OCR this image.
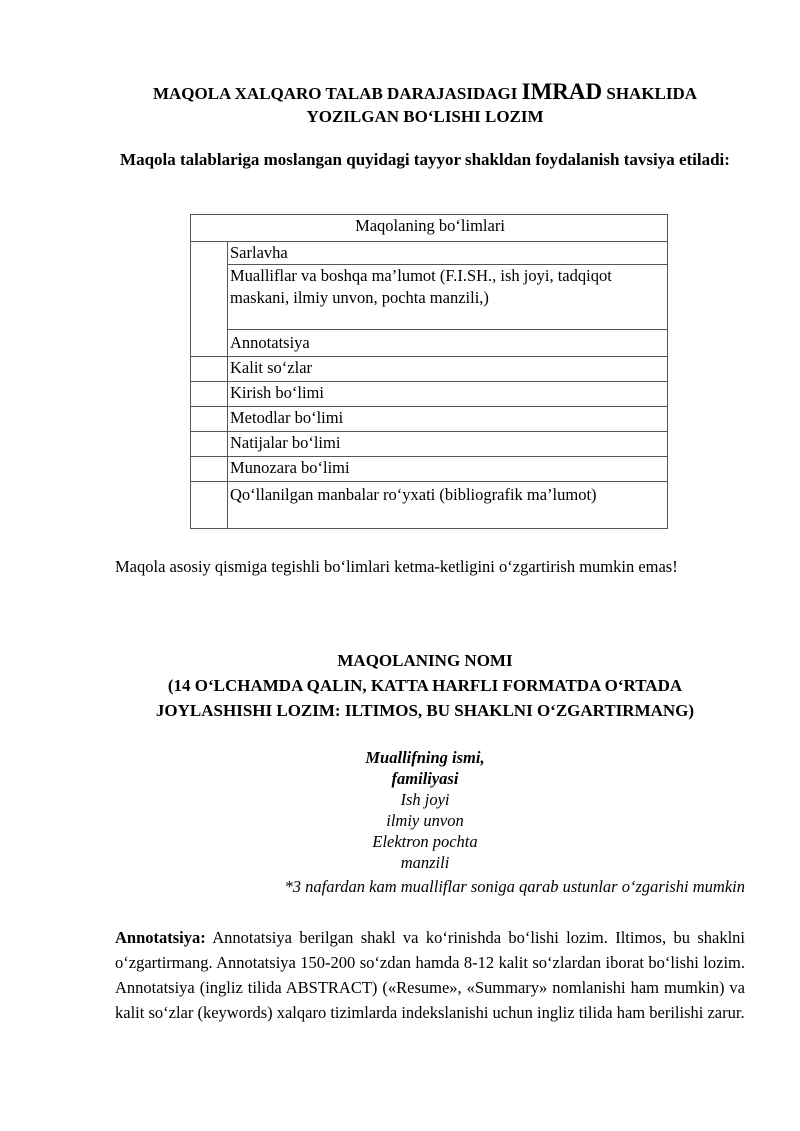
MAQOLA XALQARO TALAB DARAJASIDAGI IMRAD SHAKLIDA
YOZILGAN BO‘LISHI LOZIM
Maqola talablariga moslangan quyidagi tayyor shakldan foydalanish tavsiya etiladi:
Maqolaning bo‘limlari	
	Sarlavha
	Mualliflar va boshqa ma’lumot (F.I.SH., ish joyi, tadqiqot maskani, ilmiy unvon, pochta manzili,)
	Annotatsiya
	Kalit so‘zlar
	Kirish bo‘limi
	Metodlar bo‘limi
	Natijalar bo‘limi
	Munozara bo‘limi
	Qo‘llanilgan manbalar ro‘yxati (bibliografik ma’lumot)
Maqola asosiy qismiga tegishli bo‘limlari ketma-ketligini o‘zgartirish mumkin emas!
MAQOLANING NOMI
(14 O‘LCHAMDA QALIN, KATTA HARFLI FORMATDA O‘RTADA
JOYLASHISHI LOZIM: ILTIMOS, BU SHAKLNI O‘ZGARTIRMANG)
Muallifning ismi,
familiyasi
Ish joyi
ilmiy unvon
Elektron pochta
manzili
*3 nafardan kam mualliflar soniga qarab ustunlar o‘zgarishi mumkin
Annotatsiya: Annotatsiya berilgan shakl va ko‘rinishda bo‘lishi lozim. Iltimos, bu shaklni o‘zgartirmang. Annotatsiya 150-200 so‘zdan hamda 8-12 kalit so‘zlardan iborat bo‘lishi lozim. Annotatsiya (ingliz tilida ABSTRACT) («Resume», «Summary» nomlanishi ham mumkin) va kalit so‘zlar (keywords) xalqaro tizimlarda indekslanishi uchun ingliz tilida ham berilishi zarur.
